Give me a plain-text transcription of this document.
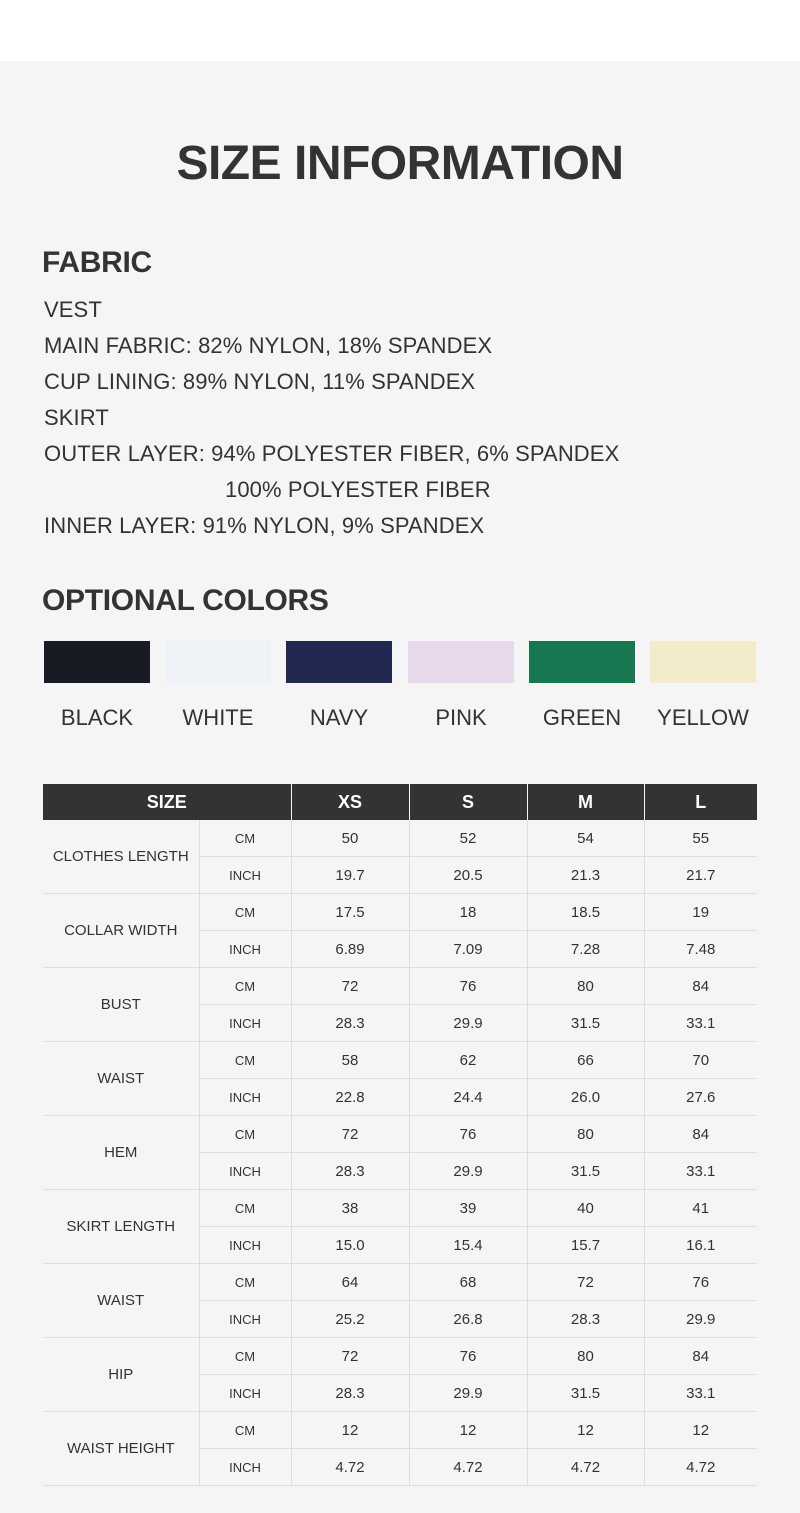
SIZE INFORMATION
FABRIC
VEST
MAIN FABRIC: 82% NYLON, 18% SPANDEX
CUP LINING: 89% NYLON, 11% SPANDEX
SKIRT
OUTER LAYER: 94% POLYESTER FIBER, 6% SPANDEX
100% POLYESTER FIBER
INNER LAYER: 91% NYLON, 9% SPANDEX
OPTIONAL COLORS
BLACK	WHITE	NAVY	PINK	GREEN	YELLOW
SIZE		XS	S	M	L
CLOTHES LENGTH	CM	50	52	54	55
	INCH	19.7	20.5	21.3	21.7
COLLAR WIDTH	CM	17.5	18	18.5	19
	INCH	6.89	7.09	7.28	7.48
BUST	CM	72	76	80	84
	INCH	28.3	29.9	31.5	33.1
WAIST	CM	58	62	66	70
	INCH	22.8	24.4	26.0	27.6
HEM	CM	72	76	80	84
	INCH	28.3	29.9	31.5	33.1
SKIRT LENGTH	CM	38	39	40	41
	INCH	15.0	15.4	15.7	16.1
WAIST	CM	64	68	72	76
	INCH	25.2	26.8	28.3	29.9
HIP	CM	72	76	80	84
	INCH	28.3	29.9	31.5	33.1
WAIST HEIGHT	CM	12	12	12	12
	INCH	4.72	4.72	4.72	4.72
